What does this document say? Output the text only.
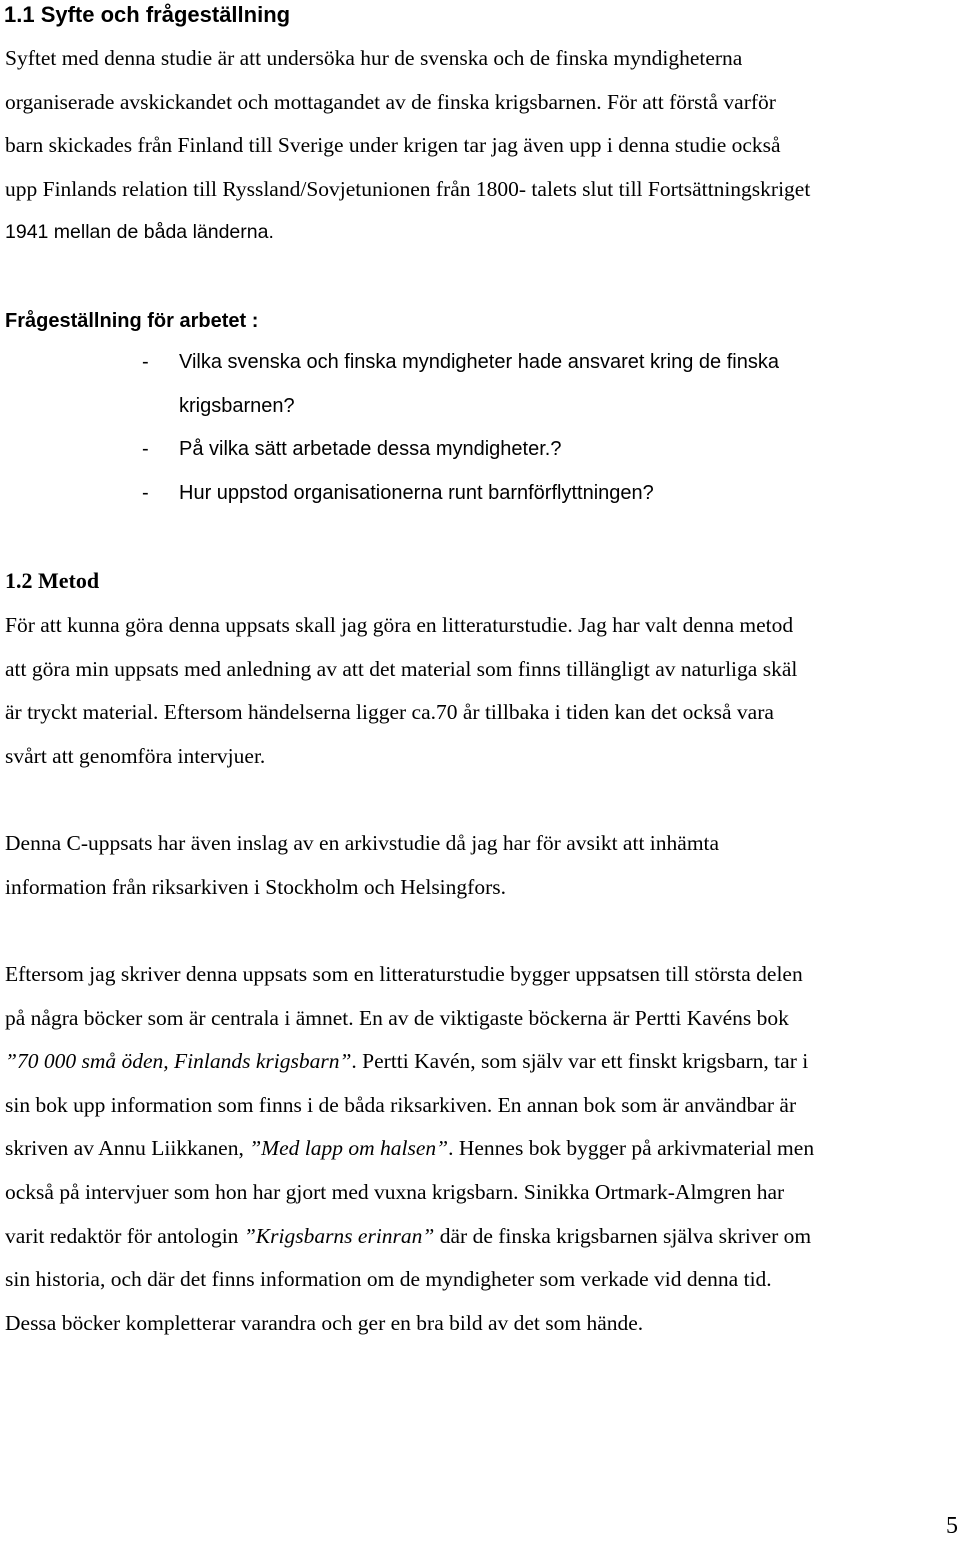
1.1 Syfte och frågeställning

Syftet med denna studie är att undersöka hur de svenska och de finska myndigheterna
organiserade avskickandet och mottagandet av de finska krigsbarnen. För att förstå varför
barn skickades från Finland till Sverige under krigen tar jag även upp i denna studie också
upp Finlands relation till Ryssland/Sovjetunionen från 1800- talets slut till Fortsättningskriget
1941 mellan de båda länderna.

Frågeställning för arbetet :
- Vilka svenska och finska myndigheter hade ansvaret kring de finska
krigsbarnen?
- På vilka sätt arbetade dessa myndigheter.?
- Hur uppstod organisationerna runt barnförflyttningen?
1.2 Metod

För att kunna göra denna uppsats skall jag göra en litteraturstudie. Jag har valt denna metod
att göra min uppsats med anledning av att det material som finns tillängligt av naturliga skäl
är tryckt material. Eftersom händelserna ligger ca.70 år tillbaka i tiden kan det också vara
svårt att genomföra intervjuer.

Denna C-uppsats har även inslag av en arkivstudie då jag har för avsikt att inhämta
information från riksarkiven i Stockholm och Helsingfors.

Eftersom jag skriver denna uppsats som en litteraturstudie bygger uppsatsen till största delen
på några böcker som är centrala i ämnet. En av de viktigaste böckerna är Pertti Kavéns bok
”70 000 små öden, Finlands krigsbarn”. Pertti Kavén, som själv var ett finskt krigsbarn, tar i
sin bok upp information som finns i de båda riksarkiven. En annan bok som är användbar är
skriven av Annu Liikkanen, ”Med lapp om halsen”. Hennes bok bygger på arkivmaterial men
också på intervjuer som hon har gjort med vuxna krigsbarn. Sinikka Ortmark-Almgren har
varit redaktör för antologin ”Krigsbarns erinran” där de finska krigsbarnen själva skriver om
sin historia, och där det finns information om de myndigheter som verkade vid denna tid.
Dessa böcker kompletterar varandra och ger en bra bild av det som hände.

5
